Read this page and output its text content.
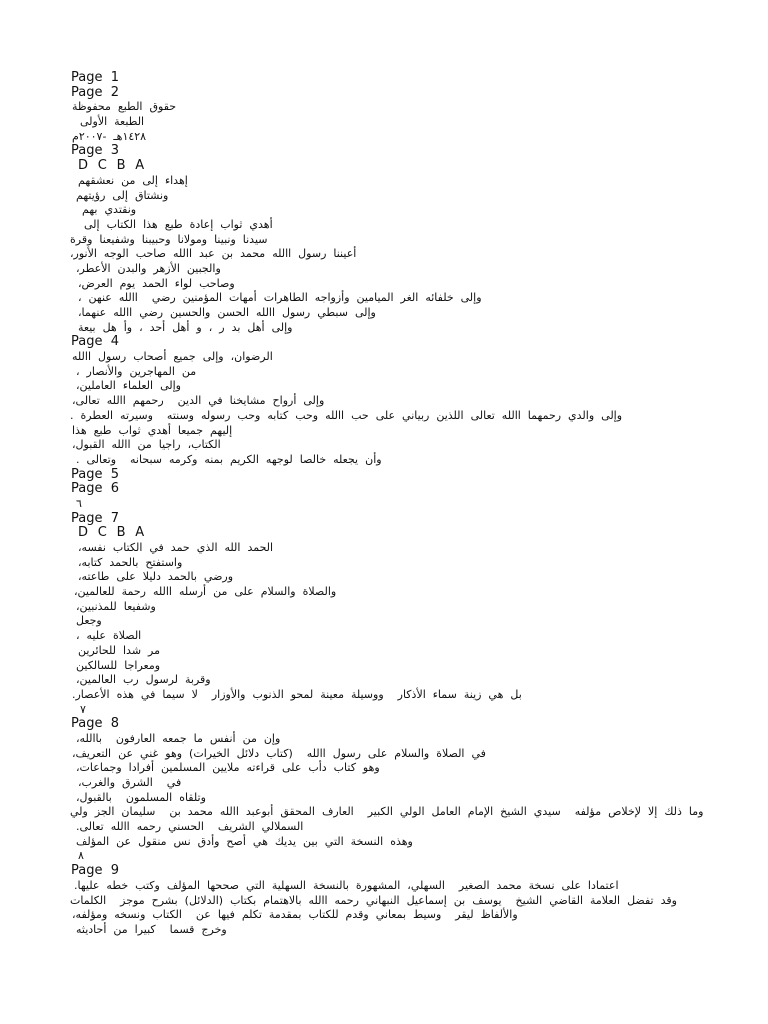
Page  1
Page  2
حقوق  الطبع  محفوظة
الطبعة  الأولى
١٤٢٨هـ  -٢٠٠٧م
Page  3
D  C  B  A
إهداء  إلى  من  نعشقهم
ونشتاق  إلى  رؤيتهم
ونقتدي  بهم
أهدي  ثواب  إعادة  طبع  هذا  الكتاب  إلى
سيدنا  ونبينا  ومولانا  وحبيبنا  وشفيعنا  وقرة
أعيننا  رسول  االله  محمد  بن  عبد  االله  صاحب  الوجه  الأنور،
والجبين  الأزهر  والبدن  الأعطر،
وصاحب  لواء  الحمد  يوم  العرض،
وإلى  خلفائه  الغر  الميامين  وأزواجه  الطاهرات  أمهات  المؤمنين  رضي    االله  عنهن  ،
وإلى  سبطي  رسول  االله  الحسن  والحسين  رضي  االله  عنهما،
وإلى  أهل  بد  ر  ،  و  أهل  أحد  ،  وأ  هل  بيعة
Page  4
الرضوان،  وإلى  جميع  أصحاب  رسول  االله
من  المهاجرين  والأنصار  ،
وإلى  العلماء  العاملين،
وإلى  أرواح  مشايخنا  في  الدين    رحمهم  االله  تعالى،
وإلى  والدي  رحمهما  االله  تعالى  اللذين  ربياني  على  حب  االله  وحب  كتابه  وحب  رسوله  وسنته    وسيرته  العطرة  .
إليهم  جميعا  أهدي  ثواب  طبع  هذا
الكتاب،  راجيا  من  االله  القبول،
وأن  يجعله  خالصا  لوجهه  الكريم  بمنه  وكرمه  سبحانه    وتعالى  .
Page  5
Page  6
٦
Page  7
D  C  B  A
الحمد  الله  الذي  حمد  في  الكتاب  نفسه،
واستفتح  بالحمد  كتابه،
ورضي  بالحمد  دليلا  على  طاعته،
والصلاة  والسلام  على  من  أرسله  االله  رحمة  للعالمين،
وشفيعا  للمذنبين،
وجعل
الصلاة  عليه  ،
مر  شدا  للحائرين
ومعراجا  للسالكين
وقربة  لرسول  رب  العالمين،
بل  هي  زينة  سماء  الأذكار    ووسيلة  معينة  لمحو  الذنوب  والأوزار    لا  سيما  في  هذه  الأعصار.
٧
Page  8
وإن  من  أنفس  ما  جمعه  العارفون    باالله،
في  الصلاة  والسلام  على  رسول  االله    (كتاب  دلائل  الخيرات)  وهو  غني  عن  التعريف،
وهو  كتاب  دأب  على  قراءته  ملايين  المسلمين  أفرادا  وجماعات،
في    الشرق  والغرب،
وتلقاه  المسلمون    بالقبول،
وما  ذلك  إلا  لإخلاص  مؤلفه    سيدي  الشيخ  الإمام  العامل  الولي  الكبير    العارف  المحقق  أبوعبد  االله  محمد  بن    سليمان  الجز  ولي
السملالي  الشريف    الحسني  رحمه  االله  تعالى.
وهذه  النسخة  التي  بين  يديك  هي  أصح  وأدق  نس  منقول  عن  المؤلف
٨
Page  9
اعتمادا  على  نسخة  محمد  الصغير    السهلي،  المشهورة  بالنسخة  السهلية  التي  صححها  المؤلف  وكتب  خطه  عليها.
وقد  تفضل  العلامة  القاضي  الشيخ    يوسف  بن  إسماعيل  النبهاني  رحمه  االله  بالاهتمام  بكتاب  (الدلائل)  بشرح  موجز    الكلمات
والألفاظ  ليقر    وسيط  بمعاني  وقدم  للكتاب  بمقدمة  تكلم  فيها  عن    الكتاب  ونسخه  ومؤلفه،
وخرج  قسما    كبيرا  من  أحاديثه
